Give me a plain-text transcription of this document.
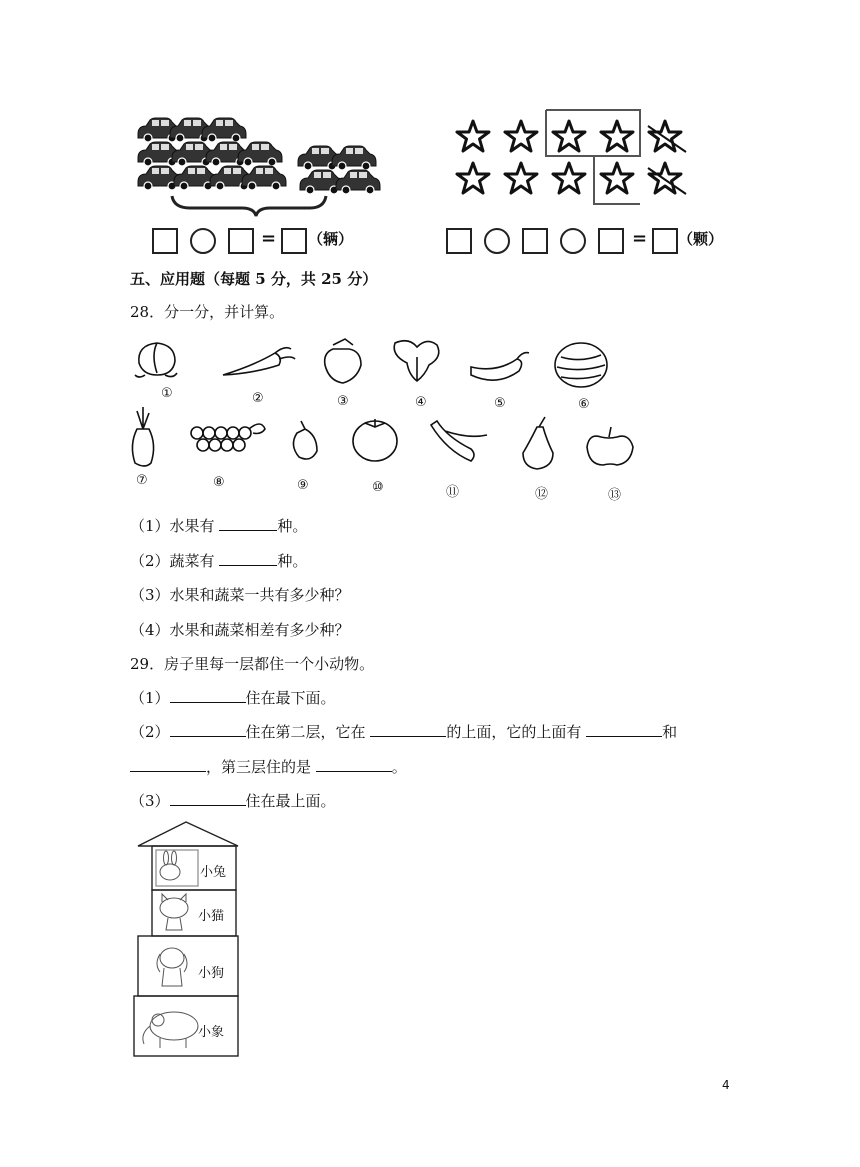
= （辆）	= （颗）
五、应用题（每题 5 分，共 25 分）
28．分一分，并计算。
①	②	③	④	⑤	⑥
⑦	⑧	⑨	⑩	⑪	⑫	⑬
（1）水果有	种。
（2）蔬菜有	种。
（3）水果和蔬菜一共有多少种？
（4）水果和蔬菜相差有多少种？
29．房子里每一层都住一个小动物。
（1）	住在最下面。
（2）	住在第二层，它在	的上面，它的上面有	和
，第三层住的是	。
（3）	住在最上面。
小兔
小猫
小狗
小象
4
